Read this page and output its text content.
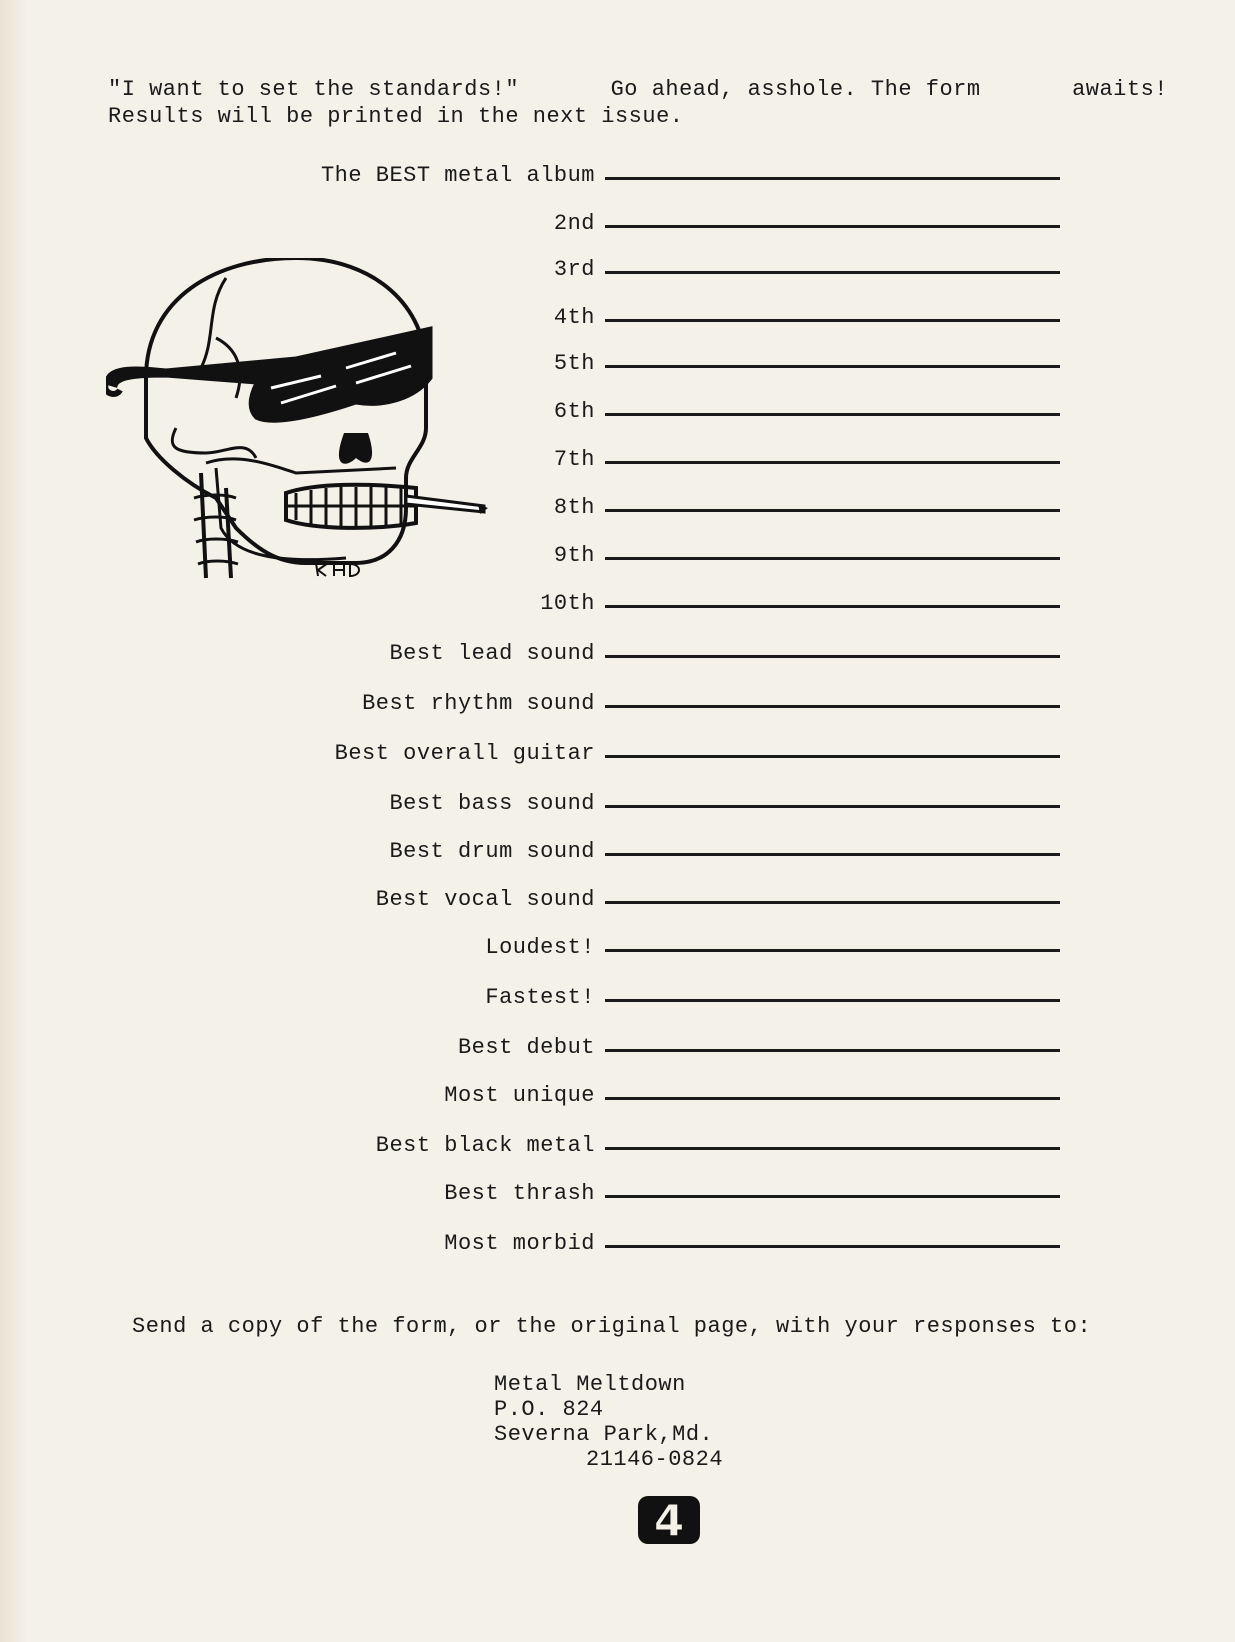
"I want to set the standards!"	Go ahead, asshole. The form	awaits!
Results will be printed in the next issue.
The BEST metal album
2nd
3rd
4th
5th
6th
7th
8th
9th
10th
Best lead sound
Best rhythm sound
Best overall guitar
Best bass sound
Best drum sound
Best vocal sound
Loudest!
Fastest!
Best debut
Most unique
Best black metal
Best thrash
Most morbid
Send a copy of the form, or the original page, with your responses to:
Metal Meltdown
P.O. 824
Severna Park,Md.
21146-0824
4
